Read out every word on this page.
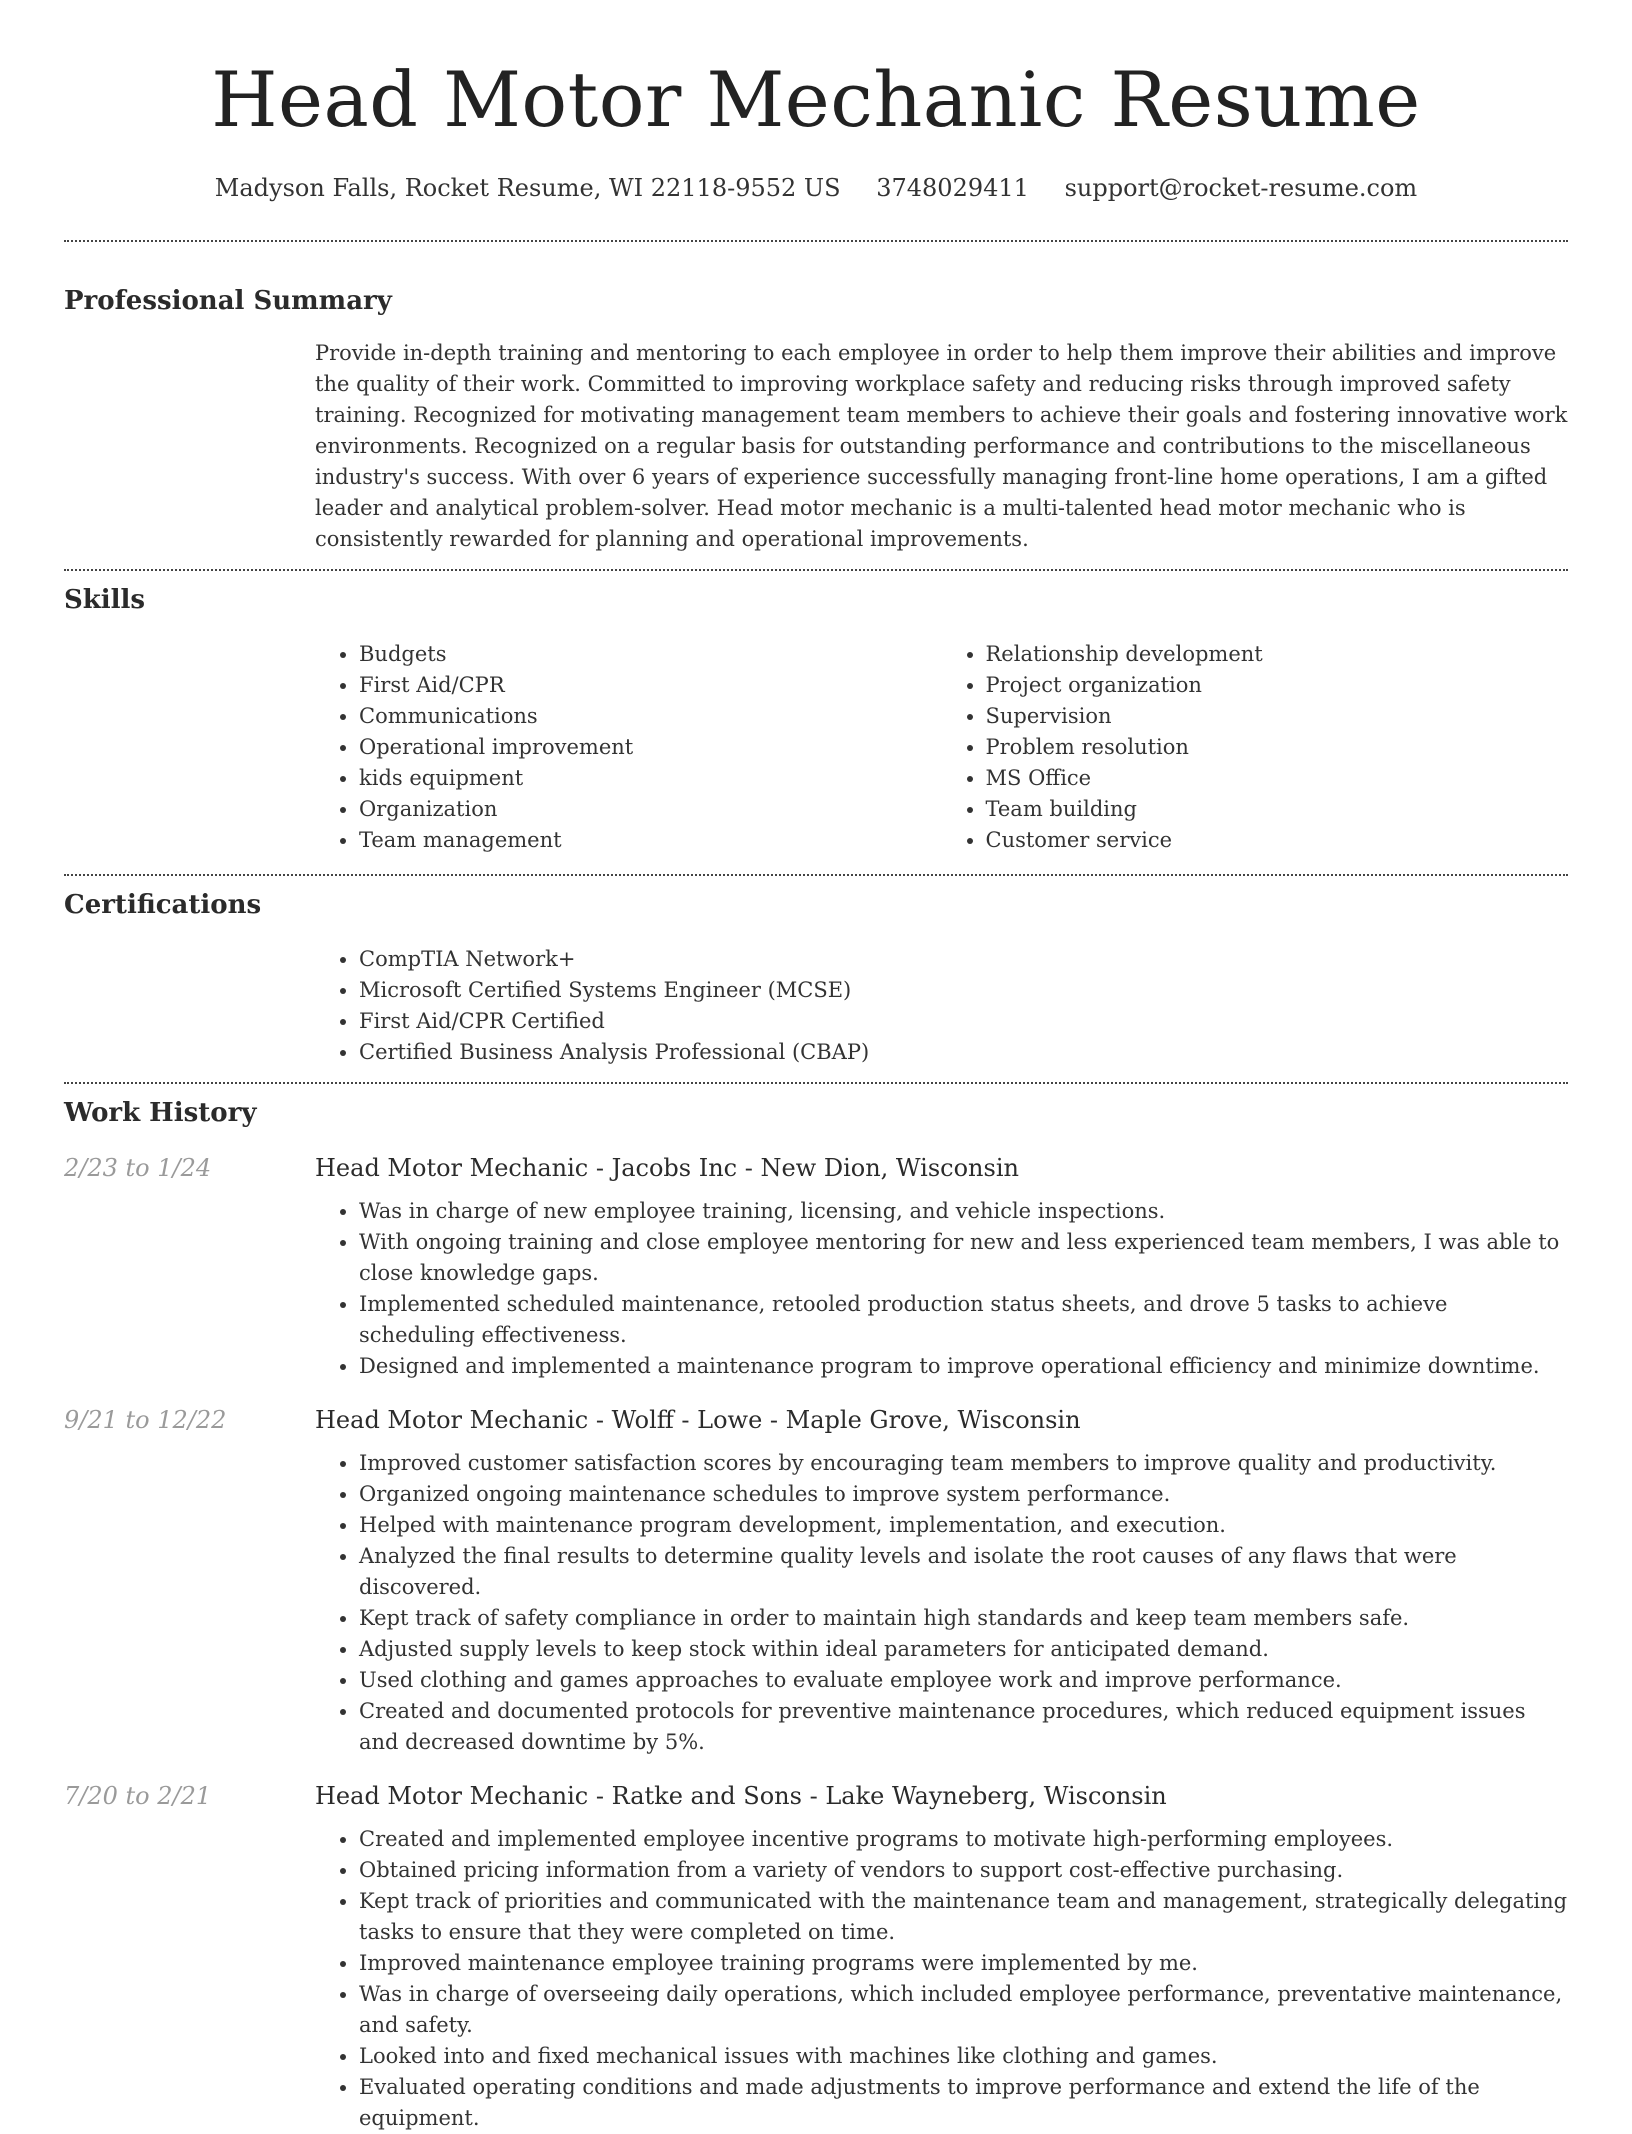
Head Motor Mechanic Resume
Madyson Falls, Rocket Resume, WI 22118-9552 US 3748029411 support@rocket-resume.com
Professional Summary
Provide in-depth training and mentoring to each employee in order to help them improve their abilities and improve the quality of their work. Committed to improving workplace safety and reducing risks through improved safety training. Recognized for motivating management team members to achieve their goals and fostering innovative work environments. Recognized on a regular basis for outstanding performance and contributions to the miscellaneous industry's success. With over 6 years of experience successfully managing front-line home operations, I am a gifted leader and analytical problem-solver. Head motor mechanic is a multi-talented head motor mechanic who is consistently rewarded for planning and operational improvements.
Skills
• Budgets
• First Aid/CPR
• Communications
• Operational improvement
• kids equipment
• Organization
• Team management
• Relationship development
• Project organization
• Supervision
• Problem resolution
• MS Office
• Team building
• Customer service
Certifications
• CompTIA Network+
• Microsoft Certified Systems Engineer (MCSE)
• First Aid/CPR Certified
• Certified Business Analysis Professional (CBAP)
Work History
2/23 to 1/24	Head Motor Mechanic - Jacobs Inc - New Dion, Wisconsin
• Was in charge of new employee training, licensing, and vehicle inspections.
• With ongoing training and close employee mentoring for new and less experienced team members, I was able to close knowledge gaps.
• Implemented scheduled maintenance, retooled production status sheets, and drove 5 tasks to achieve scheduling effectiveness.
• Designed and implemented a maintenance program to improve operational efficiency and minimize downtime.
9/21 to 12/22	Head Motor Mechanic - Wolff - Lowe - Maple Grove, Wisconsin
• Improved customer satisfaction scores by encouraging team members to improve quality and productivity.
• Organized ongoing maintenance schedules to improve system performance.
• Helped with maintenance program development, implementation, and execution.
• Analyzed the final results to determine quality levels and isolate the root causes of any flaws that were discovered.
• Kept track of safety compliance in order to maintain high standards and keep team members safe.
• Adjusted supply levels to keep stock within ideal parameters for anticipated demand.
• Used clothing and games approaches to evaluate employee work and improve performance.
• Created and documented protocols for preventive maintenance procedures, which reduced equipment issues and decreased downtime by 5%.
7/20 to 2/21	Head Motor Mechanic - Ratke and Sons - Lake Wayneberg, Wisconsin
• Created and implemented employee incentive programs to motivate high-performing employees.
• Obtained pricing information from a variety of vendors to support cost-effective purchasing.
• Kept track of priorities and communicated with the maintenance team and management, strategically delegating tasks to ensure that they were completed on time.
• Improved maintenance employee training programs were implemented by me.
• Was in charge of overseeing daily operations, which included employee performance, preventative maintenance, and safety.
• Looked into and fixed mechanical issues with machines like clothing and games.
• Evaluated operating conditions and made adjustments to improve performance and extend the life of the equipment.
